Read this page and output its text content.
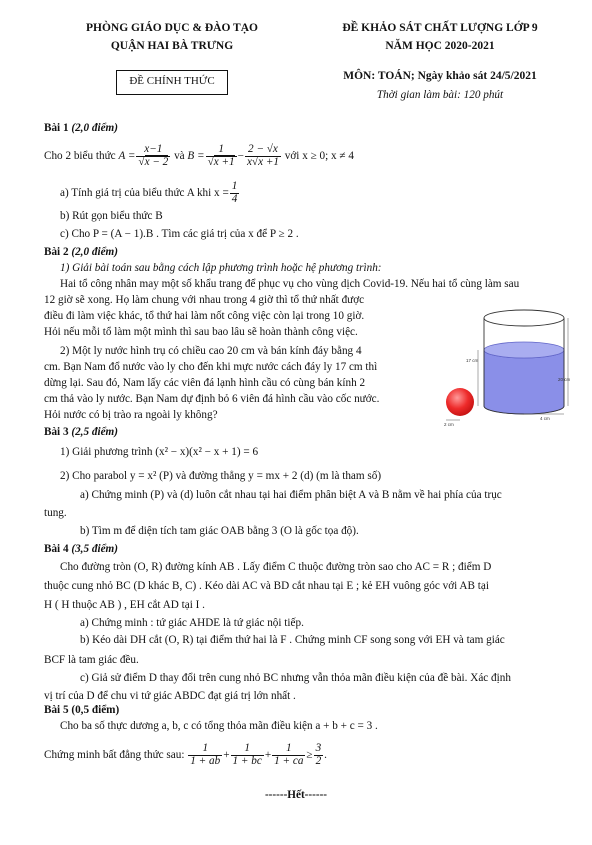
PHÒNG GIÁO DỤC & ĐÀO TẠO
QUẬN HAI BÀ TRƯNG
ĐỀ CHÍNH THỨC
ĐỀ KHẢO SÁT CHẤT LƯỢNG LỚP 9
NĂM HỌC 2020-2021
MÔN: TOÁN; Ngày khảo sát 24/5/2021
Thời gian làm bài: 120 phút
Bài 1 (2,0 điểm)
Cho 2 biểu thức
$A = \frac{x-1}{√x - 2}$
và
$B = \frac{1}{√x +1} - \frac{2 - √x}{x√x +1}$
với x ≥ 0; x ≠ 4
a) Tính giá trị của biểu thức A khi $x = \frac{1}{4}$
b) Rút gọn biểu thức B
c) Cho P = (A − 1).B . Tìm các giá trị của x để P ≥ 2 .
Bài 2 (2,0 điểm)
1) Giải bài toán sau bằng cách lập phương trình hoặc hệ phương trình:
Hai tổ công nhân may một số khẩu trang để phục vụ cho vùng dịch Covid-19. Nếu hai tổ cùng làm sau
12 giờ sẽ xong. Họ làm chung với nhau trong 4 giờ thì tổ thứ nhất được
điều đi làm việc khác, tổ thứ hai làm nốt công việc còn lại trong 10 giờ.
Hỏi nếu mỗi tổ làm một mình thì sau bao lâu sẽ hoàn thành công việc.
2) Một ly nước hình trụ có chiều cao 20 cm và bán kính đáy bằng 4
cm. Bạn Nam đổ nước vào ly cho đến khi mực nước cách đáy ly 17 cm thì
dừng lại. Sau đó, Nam lấy các viên đá lạnh hình cầu có cùng bán kính 2
cm thả vào ly nước. Bạn Nam dự định bỏ 6 viên đá hình cầu vào cốc nước.
Hỏi nước có bị trào ra ngoài ly không?
17 cm
20 cm
4 cm
2 cm
Bài 3 (2,5 điểm)
1) Giải phương trình (x² − x)(x² − x + 1) = 6
2) Cho parabol y = x² (P) và đường thẳng y = mx + 2 (d) (m là tham số)
a) Chứng minh (P) và (d) luôn cắt nhau tại hai điểm phân biệt A và B nằm về hai phía của trục
tung.
b) Tìm m để diện tích tam giác OAB bằng 3 (O là gốc tọa độ).
Bài 4 (3,5 điểm)
Cho đường tròn (O, R) đường kính AB . Lấy điểm C thuộc đường tròn sao cho AC = R ; điểm D
thuộc cung nhỏ BC (D khác B, C) . Kéo dài AC và BD cắt nhau tại E ; kẻ EH vuông góc với AB tại
H ( H thuộc AB ) , EH cắt AD tại I .
a) Chứng minh : tứ giác AHDE là tứ giác nội tiếp.
b) Kéo dài DH cắt (O, R) tại điểm thứ hai là F . Chứng minh CF song song với EH và tam giác
BCF là tam giác đều.
c) Giả sử điểm D thay đổi trên cung nhỏ BC nhưng vẫn thỏa mãn điều kiện của đề bài. Xác định
vị trí của D để chu vi tứ giác ABDC đạt giá trị lớn nhất .
Bài 5 (0,5 điểm)
Cho ba số thực dương a, b, c có tổng thỏa mãn điều kiện a + b + c = 3 .
Chứng minh bất đẳng thức sau:
$\frac{1}{1 + ab} + \frac{1}{1 + bc} + \frac{1}{1 + ca} \ge \frac{3}{2}$ .
------Hết------
